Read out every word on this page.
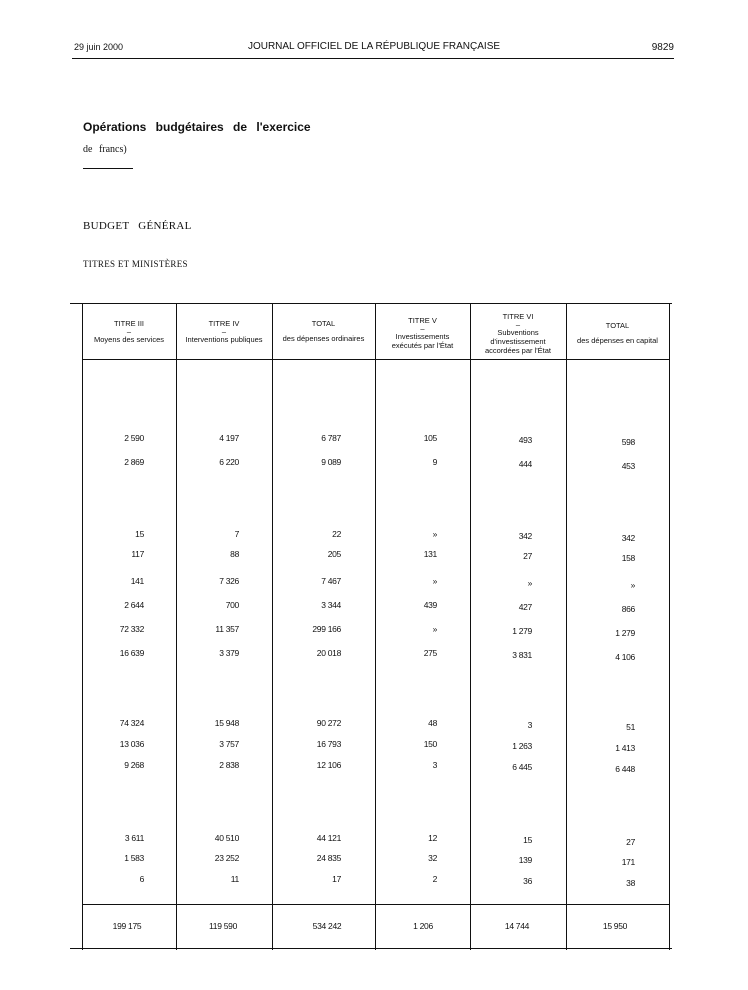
29 juin 2000	JOURNAL OFFICIEL DE LA RÉPUBLIQUE FRANÇAISE	9829
Opérations budgétaires de l'exercice
de francs)
BUDGET GÉNÉRAL
TITRES ET MINISTÈRES
TITRE III
–
Moyens des services
TITRE IV
–
Interventions publiques
TOTAL
des dépenses ordinaires
TITRE V
–
Investissements
exécutés par l'État
TITRE VI
–
Subventions d'investissement
accordées par l'État
TOTAL
des dépenses en capital
2 590	4 197	6 787	105	493	598
2 869	6 220	9 089	9	444	453
15	7	22	»	342	342
117	88	205	131	27	158
141	7 326	7 467	»	»	»
2 644	700	3 344	439	427	866
72 332	11 357	299 166	»	1 279	1 279
16 639	3 379	20 018	275	3 831	4 106
74 324	15 948	90 272	48	3	51
13 036	3 757	16 793	150	1 263	1 413
9 268	2 838	12 106	3	6 445	6 448
3 611	40 510	44 121	12	15	27
1 583	23 252	24 835	32	139	171
6	11	17	2	36	38
199 175	119 590	534 242	1 206	14 744	15 950
